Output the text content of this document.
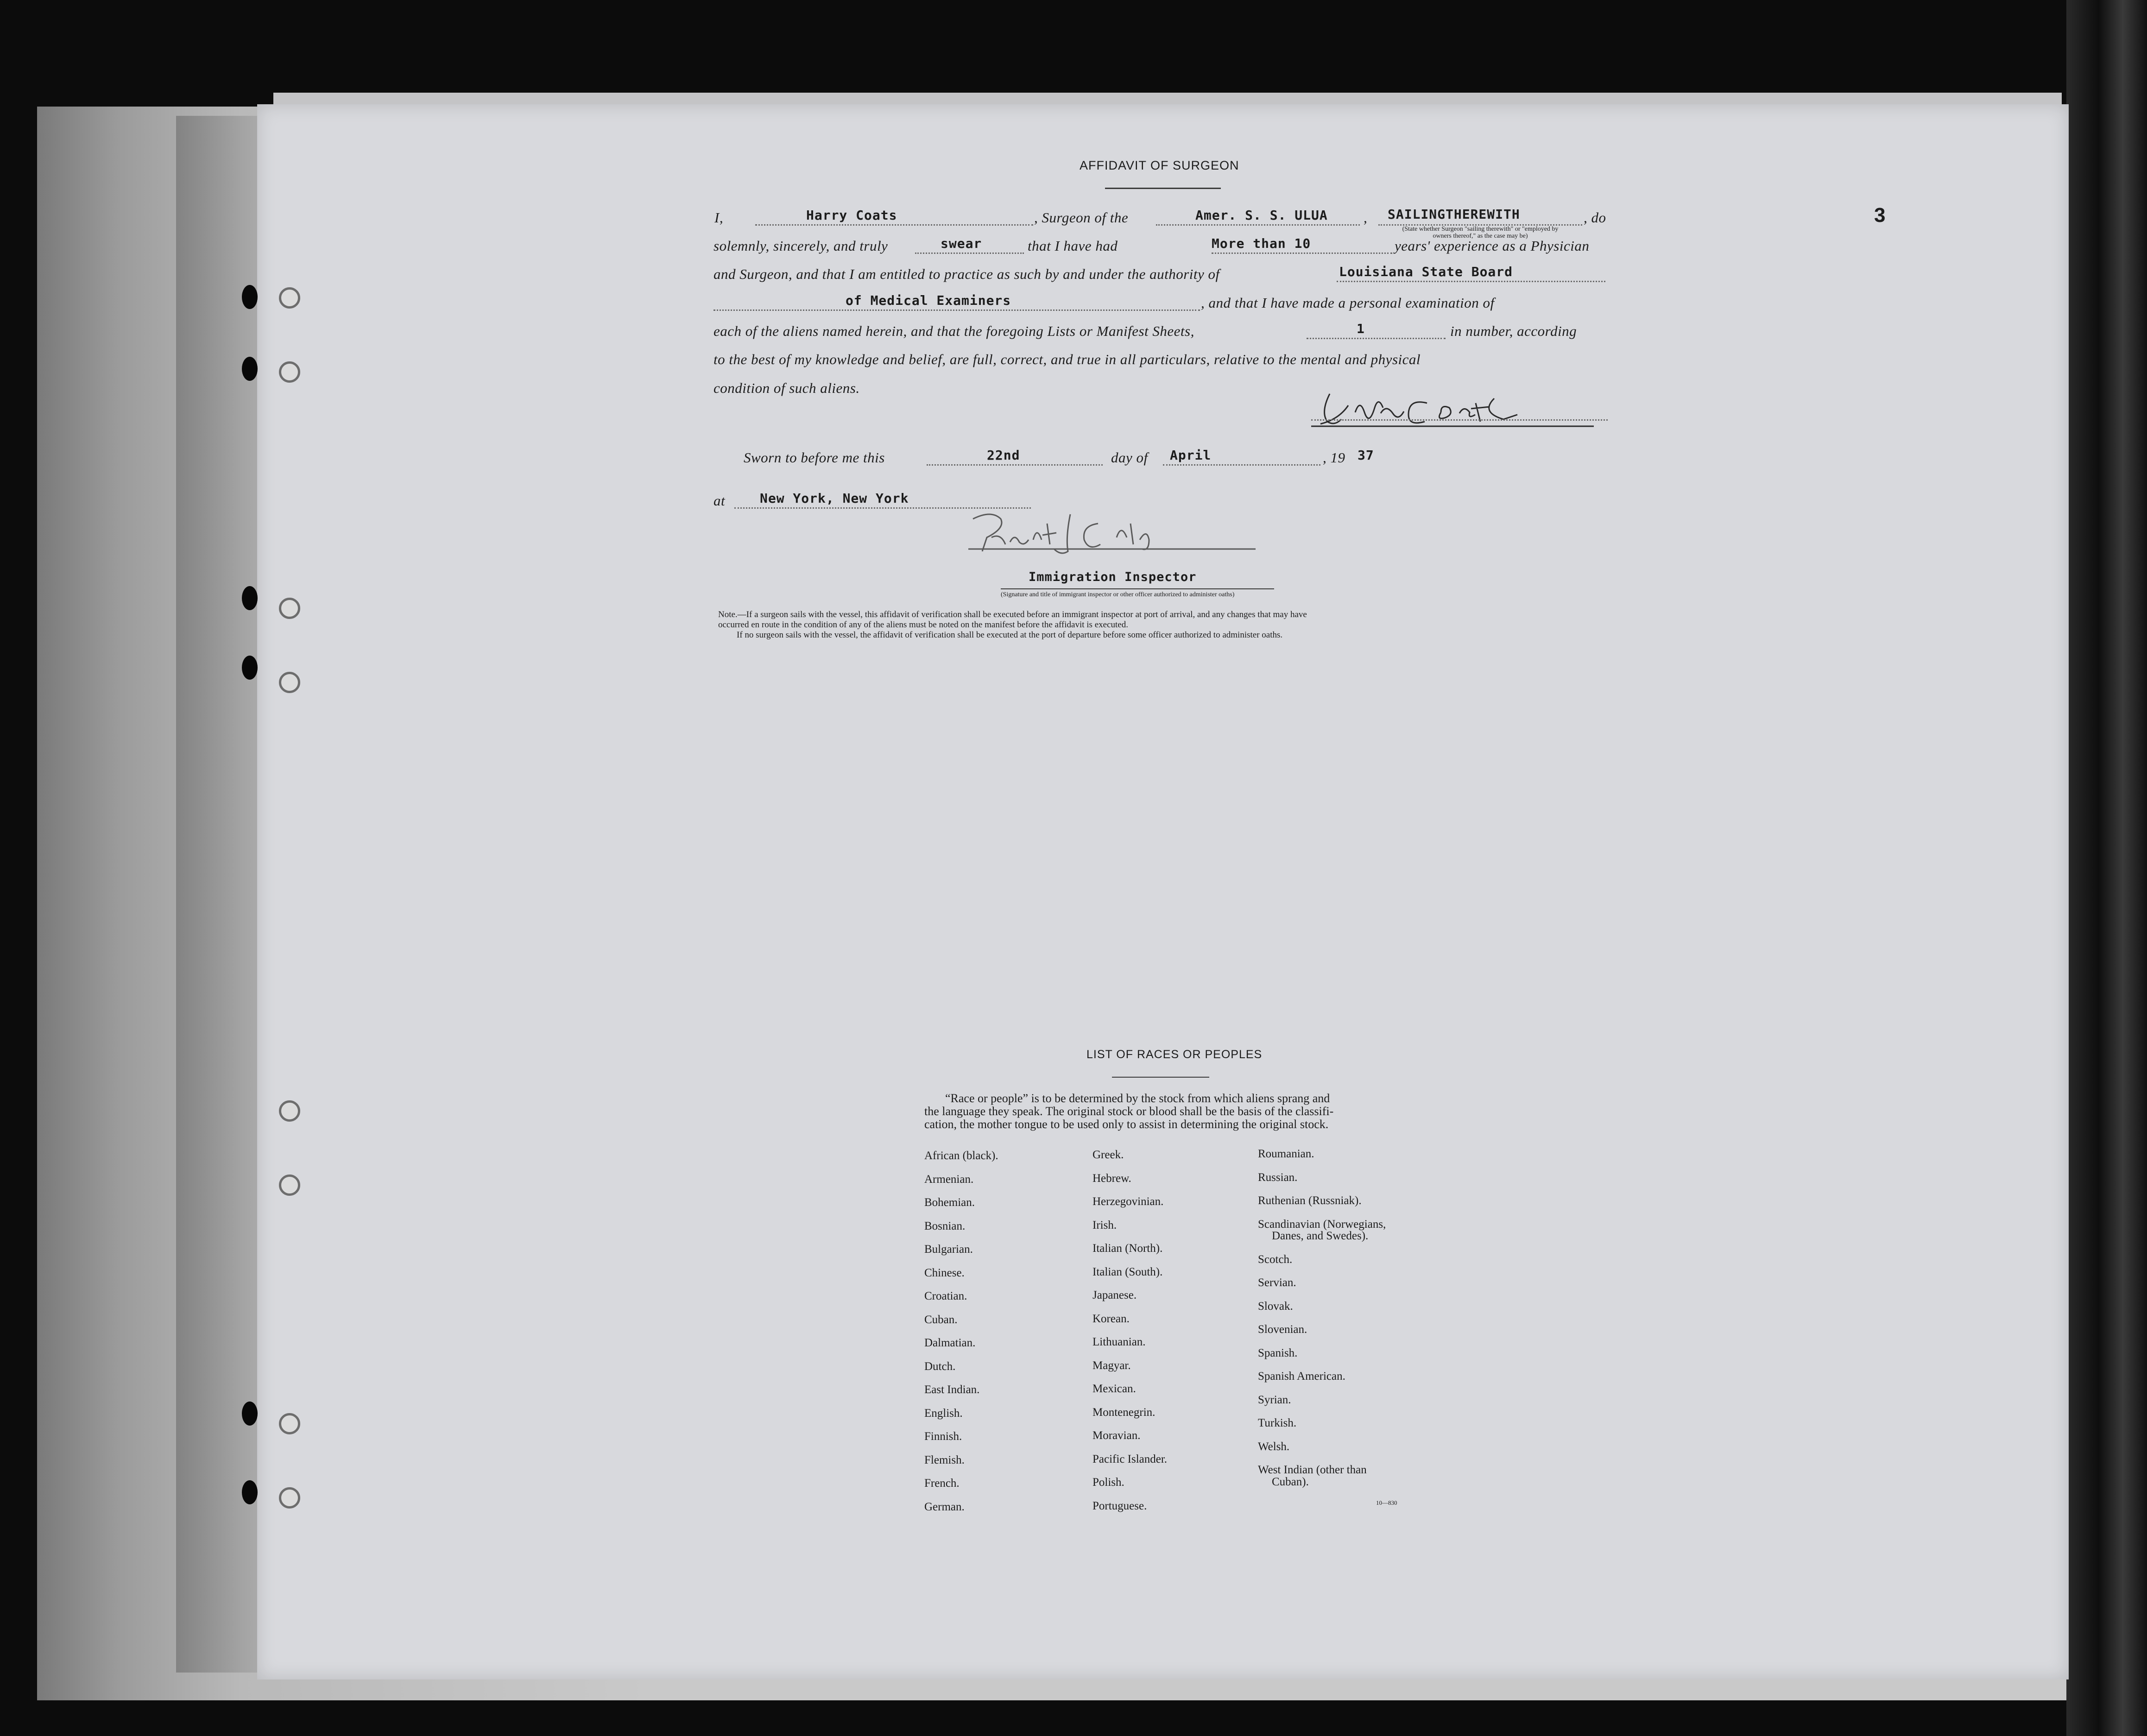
3
AFFIDAVIT OF SURGEON
I,	Harry Coats	, Surgeon of the	Amer. S. S. ULUA , SAILINGTHEREWITH
(State whether Surgeon "sailing therewith" or "employed by owners thereof," as the case may be)
, do
solemnly, sincerely, and truly	swear	that I have had	More than 10	years' experience as a Physician
and Surgeon, and that I am entitled to practice as such by and under the authority of	Louisiana State Board
of Medical Examiners	, and that I have made a personal examination of
each of the aliens named herein, and that the foregoing Lists or Manifest Sheets,	1	in number, according
to the best of my knowledge and belief, are full, correct, and true in all particulars, relative to the mental and physical
condition of such aliens.
Sworn to before me this	22nd	day of April	, 19 37
at	New York, New York
Immigration Inspector
(Signature and title of immigrant inspector or other officer authorized to administer oaths)
Note.—If a surgeon sails with the vessel, this affidavit of verification shall be executed before an immigrant inspector at port of arrival, and any changes that may have
occurred en route in the condition of any of the aliens must be noted on the manifest before the affidavit is executed.
If no surgeon sails with the vessel, the affidavit of verification shall be executed at the port of departure before some officer authorized to administer oaths.
LIST OF RACES OR PEOPLES
“Race or people” is to be determined by the stock from which aliens sprang and
the language they speak. The original stock or blood shall be the basis of the classifi-
cation, the mother tongue to be used only to assist in determining the original stock.
African (black).
Armenian.
Bohemian.
Bosnian.
Bulgarian.
Chinese.
Croatian.
Cuban.
Dalmatian.
Dutch.
East Indian.
English.
Finnish.
Flemish.
French.
German.
Greek.
Hebrew.
Herzegovinian.
Irish.
Italian (North).
Italian (South).
Japanese.
Korean.
Lithuanian.
Magyar.
Mexican.
Montenegrin.
Moravian.
Pacific Islander.
Polish.
Portuguese.
Roumanian.
Russian.
Ruthenian (Russniak).
Scandinavian (Norwegians,
Danes, and Swedes).
Scotch.
Servian.
Slovak.
Slovenian.
Spanish.
Spanish American.
Syrian.
Turkish.
Welsh.
West Indian (other than
Cuban).
10—830
